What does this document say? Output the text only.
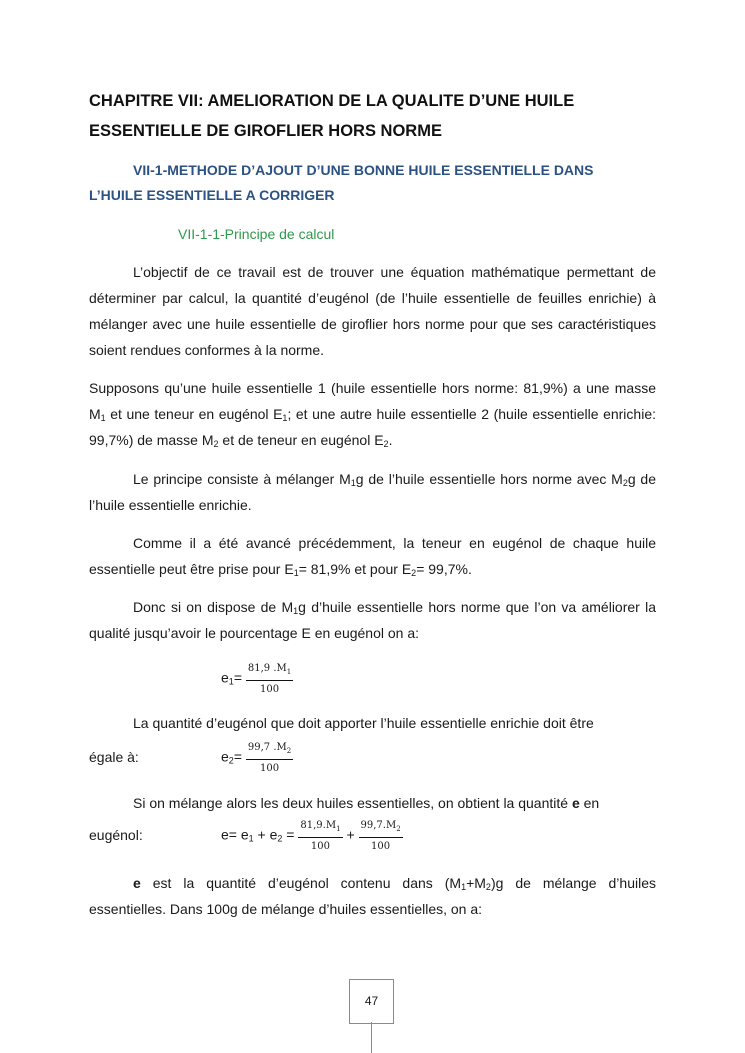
CHAPITRE VII: AMELIORATION DE LA QUALITE D’UNE HUILE ESSENTIELLE DE GIROFLIER HORS NORME
VII-1-METHODE D’AJOUT D’UNE BONNE HUILE ESSENTIELLE DANS
L’HUILE ESSENTIELLE A CORRIGER
VII-1-1-Principe de calcul

L’objectif de ce travail est de trouver une équation mathématique permettant de déterminer par calcul, la quantité d’eugénol (de l’huile essentielle de feuilles enrichie) à mélanger avec une huile essentielle de giroflier hors norme pour que ses caractéristiques soient rendues conformes à la norme.

Supposons qu’une huile essentielle 1 (huile essentielle hors norme: 81,9%) a une masse $M_1$ et une teneur en eugénol $E_1$; et une autre huile essentielle 2 (huile essentielle enrichie: 99,7%) de masse $M_2$ et de teneur en eugénol $E_2$.

Le principe consiste à mélanger $M_1g$ de l’huile essentielle hors norme avec $M_2g$ de l’huile essentielle enrichie.

Comme il a été avancé précédemment, la teneur en eugénol de chaque huile essentielle peut être prise pour $E_1= 81,9\%$ et pour $E_2= 99,7\%$.

Donc si on dispose de $M_1g$ d’huile essentielle hors norme que l’on va améliorer la qualité jusqu’avoir le pourcentage E en eugénol on a:

$e_1= \frac{81,9 .M_1}{100}$

La quantité d’eugénol que doit apporter l’huile essentielle enrichie doit être

égale à:	$e_2= \frac{99,7 .M_2}{100}$

Si on mélange alors les deux huiles essentielles, on obtient la quantité e en

eugénol:	$e= e_1 + e_2 = \frac{81,9.M_1}{100} + \frac{99,7.M_2}{100}$

e est la quantité d’eugénol contenu dans $(M_1+M_2)g$ de mélange d’huiles essentielles. Dans 100g de mélange d’huiles essentielles, on a:

47
